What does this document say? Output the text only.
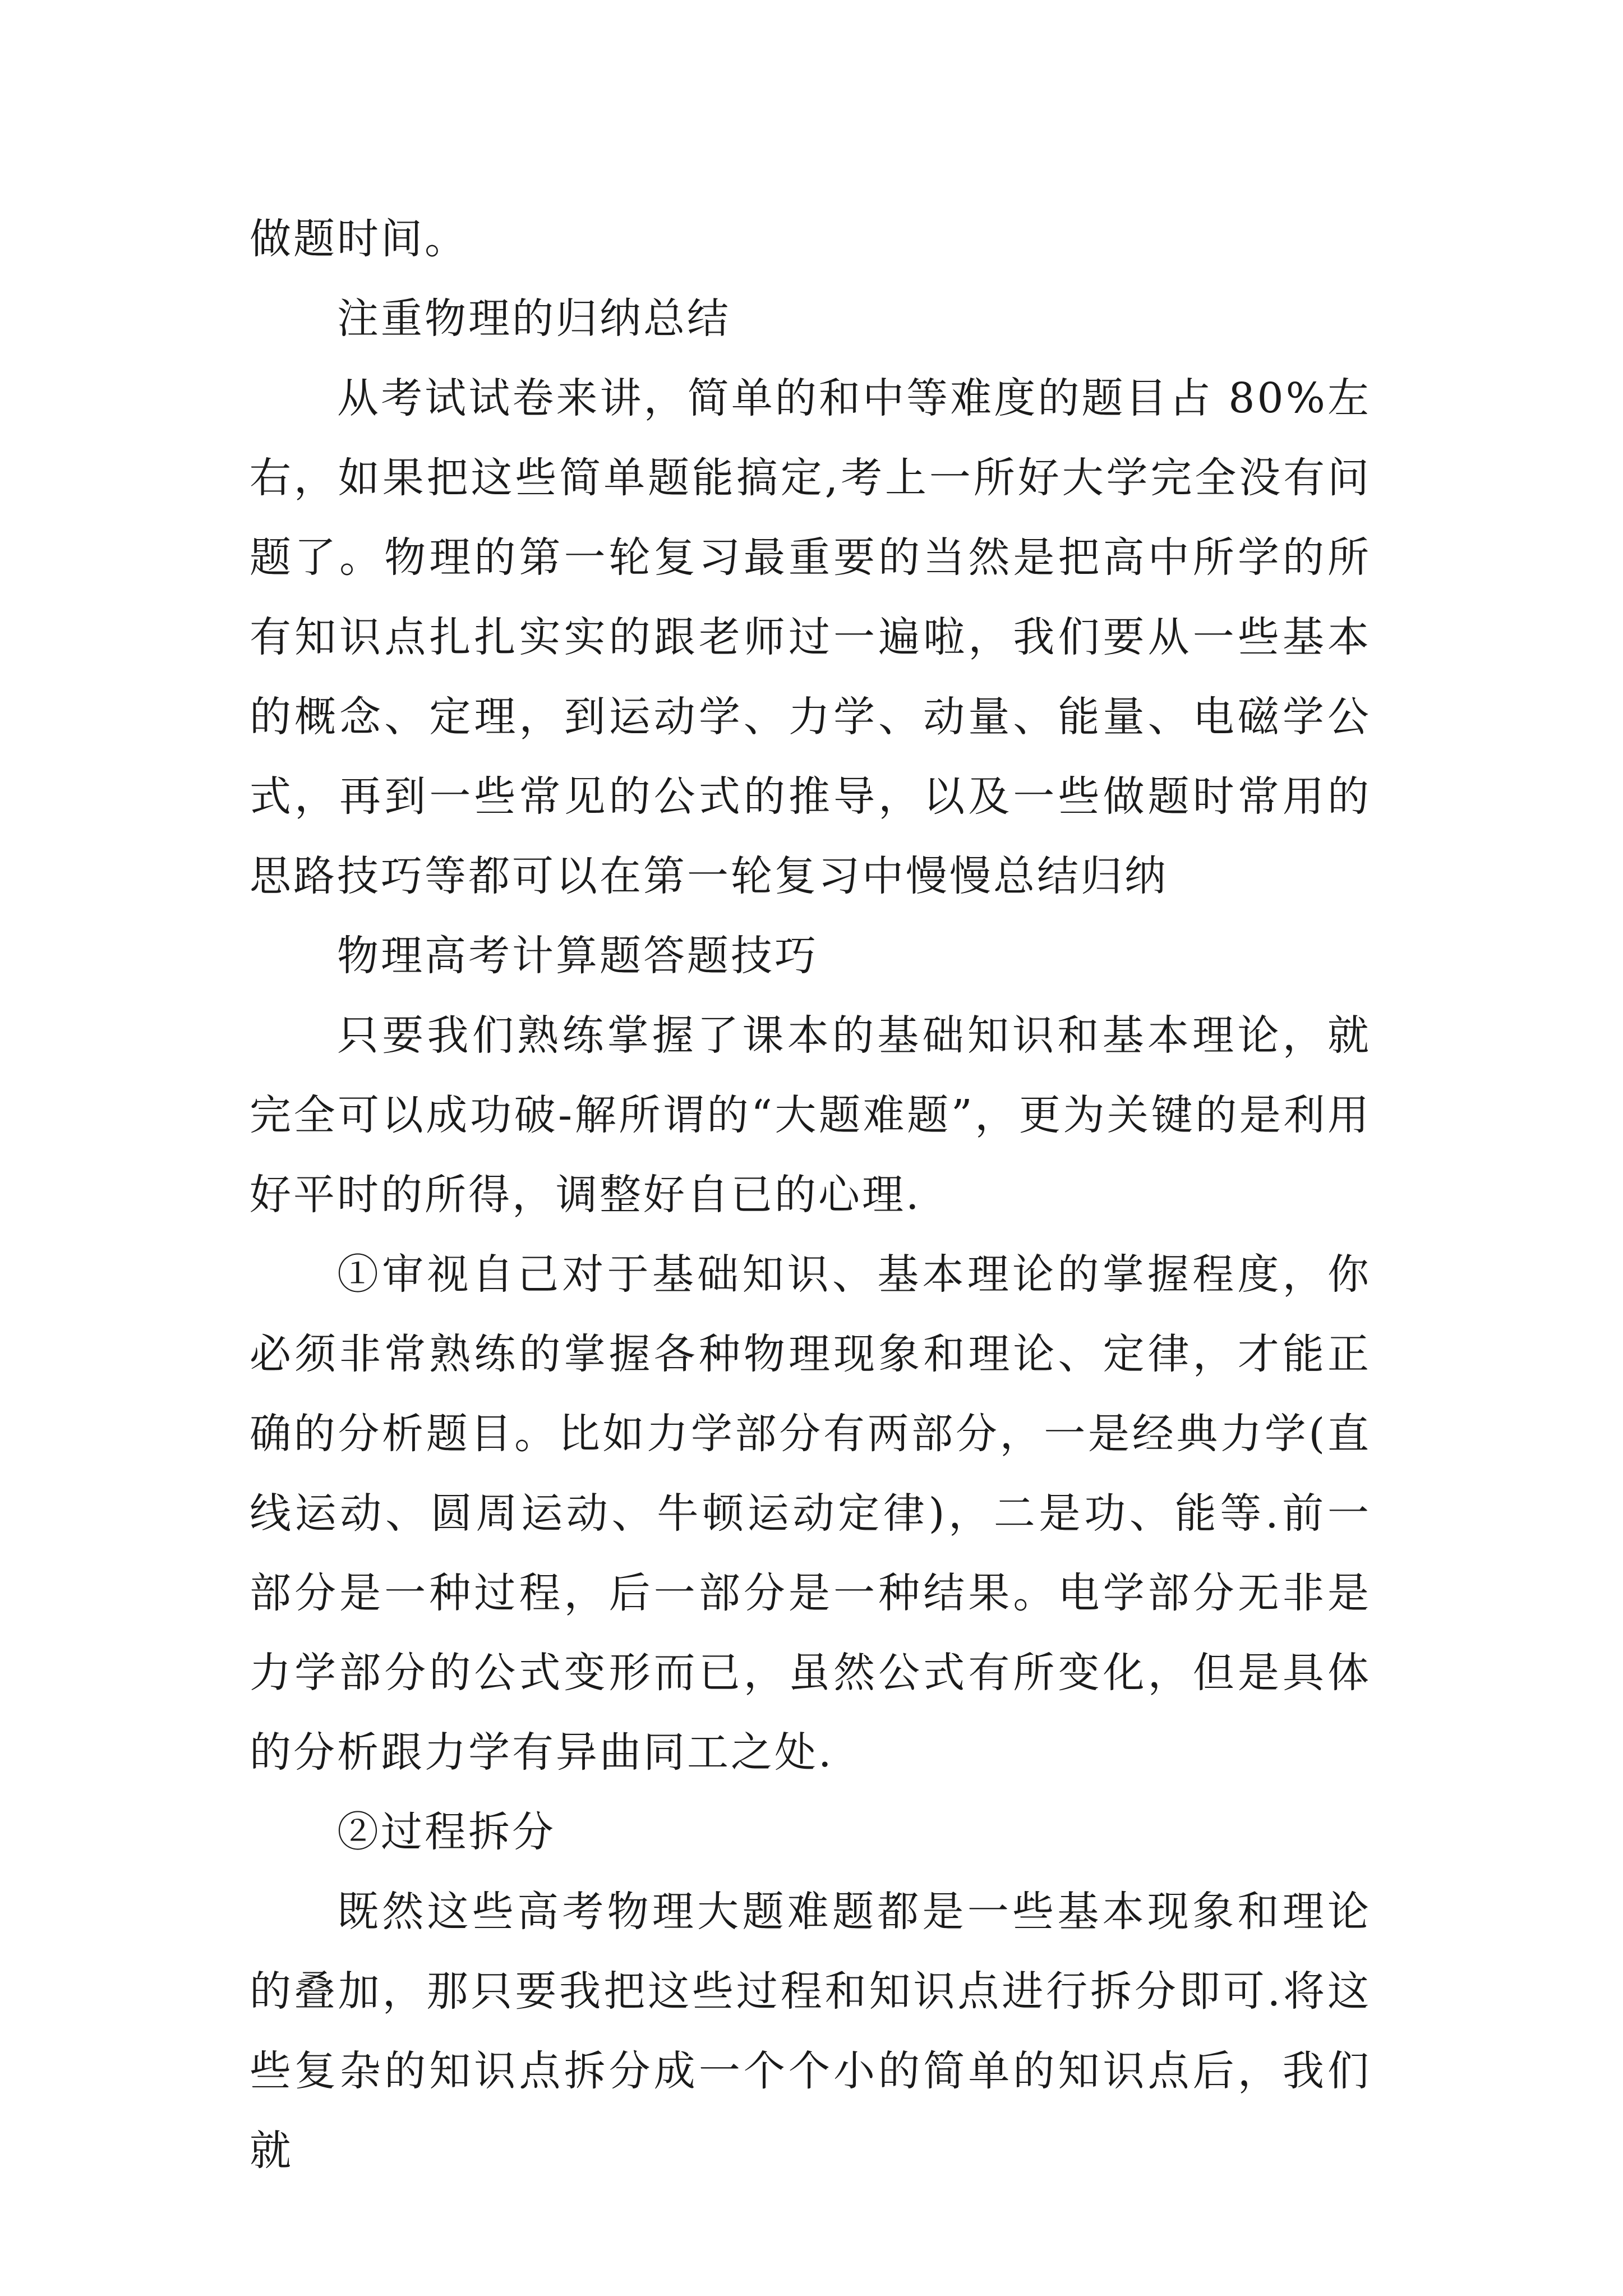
做题时间。

注重物理的归纳总结

从考试试卷来讲，简单的和中等难度的题目占 80%左右，如果把这些简单题能搞定,考上一所好大学完全没有问题了。物理的第一轮复习最重要的当然是把高中所学的所有知识点扎扎实实的跟老师过一遍啦，我们要从一些基本的概念、定理，到运动学、力学、动量、能量、电磁学公式，再到一些常见的公式的推导，以及一些做题时常用的思路技巧等都可以在第一轮复习中慢慢总结归纳

物理高考计算题答题技巧

只要我们熟练掌握了课本的基础知识和基本理论，就完全可以成功破-解所谓的“大题难题”，更为关键的是利用好平时的所得，调整好自已的心理.

①审视自己对于基础知识、基本理论的掌握程度，你必须非常熟练的掌握各种物理现象和理论、定律，才能正确的分析题目。比如力学部分有两部分，一是经典力学(直线运动、圆周运动、牛顿运动定律)，二是功、能等.前一部分是一种过程，后一部分是一种结果。电学部分无非是力学部分的公式变形而已，虽然公式有所变化，但是具体的分析跟力学有异曲同工之处.

②过程拆分

既然这些高考物理大题难题都是一些基本现象和理论的叠加，那只要我把这些过程和知识点进行拆分即可.将这些复杂的知识点拆分成一个个小的简单的知识点后，我们就
